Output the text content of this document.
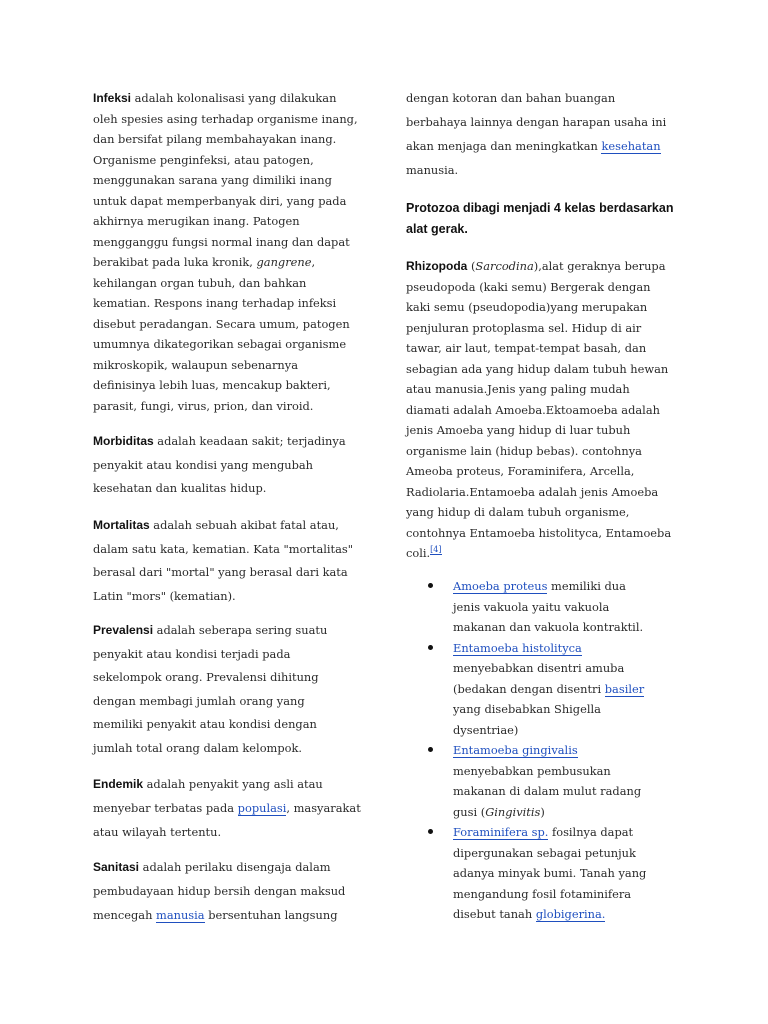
Infeksi adalah kolonalisasi yang dilakukan oleh spesies asing terhadap organisme inang, dan bersifat pilang membahayakan inang. Organisme penginfeksi, atau patogen, menggunakan sarana yang dimiliki inang untuk dapat memperbanyak diri, yang pada akhirnya merugikan inang. Patogen mengganggu fungsi normal inang dan dapat berakibat pada luka kronik, gangrene, kehilangan organ tubuh, dan bahkan kematian. Respons inang terhadap infeksi disebut peradangan. Secara umum, patogen umumnya dikategorikan sebagai organisme mikroskopik, walaupun sebenarnya definisinya lebih luas, mencakup bakteri, parasit, fungi, virus, prion, dan viroid.

Morbiditas adalah keadaan sakit; terjadinya penyakit atau kondisi yang mengubah kesehatan dan kualitas hidup.

Mortalitas adalah sebuah akibat fatal atau, dalam satu kata, kematian. Kata "mortalitas" berasal dari "mortal" yang berasal dari kata Latin "mors" (kematian).

Prevalensi adalah seberapa sering suatu penyakit atau kondisi terjadi pada sekelompok orang. Prevalensi dihitung dengan membagi jumlah orang yang memiliki penyakit atau kondisi dengan jumlah total orang dalam kelompok.

Endemik adalah penyakit yang asli atau menyebar terbatas pada populasi, masyarakat atau wilayah tertentu.

Sanitasi adalah perilaku disengaja dalam pembudayaan hidup bersih dengan maksud mencegah manusia bersentuhan langsung

dengan kotoran dan bahan buangan berbahaya lainnya dengan harapan usaha ini akan menjaga dan meningkatkan kesehatan manusia.

Protozoa dibagi menjadi 4 kelas berdasarkan alat gerak.

Rhizopoda (Sarcodina),alat geraknya berupa pseudopoda (kaki semu) Bergerak dengan kaki semu (pseudopodia)yang merupakan penjuluran protoplasma sel. Hidup di air tawar, air laut, tempat-tempat basah, dan sebagian ada yang hidup dalam tubuh hewan atau manusia.Jenis yang paling mudah diamati adalah Amoeba.Ektoamoeba adalah jenis Amoeba yang hidup di luar tubuh organisme lain (hidup bebas). contohnya Ameoba proteus, Foraminifera, Arcella, Radiolaria.Entamoeba adalah jenis Amoeba yang hidup di dalam tubuh organisme, contohnya Entamoeba histolityca, Entamoeba coli.[4]

Amoeba proteus memiliki dua jenis vakuola yaitu vakuola makanan dan vakuola kontraktil.
Entamoeba histolityca menyebabkan disentri amuba (bedakan dengan disentri basiler yang disebabkan Shigella dysentriae)
Entamoeba gingivalis menyebabkan pembusukan makanan di dalam mulut radang gusi (Gingivitis)
Foraminifera sp. fosilnya dapat dipergunakan sebagai petunjuk adanya minyak bumi. Tanah yang mengandung fosil fotaminifera disebut tanah globigerina.
